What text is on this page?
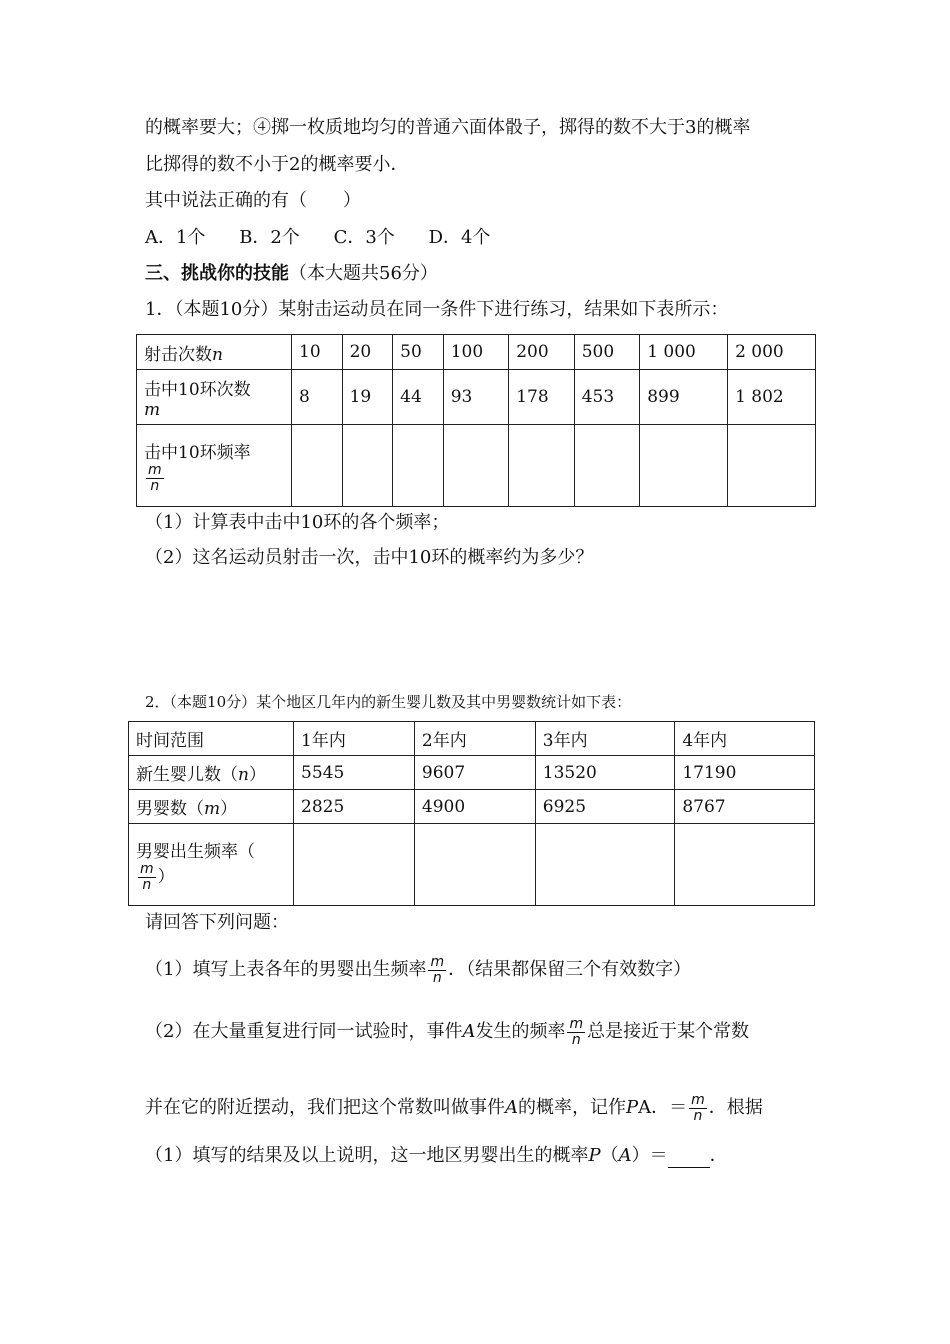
的概率要大；④掷一枚质地均匀的普通六面体骰子，掷得的数不大于3的概率
比掷得的数不小于2的概率要小．
其中说法正确的有（　　）
A．1个 B．2个 C．3个 D．4个
三、挑战你的技能（本大题共56分）
1．（本题10分）某射击运动员在同一条件下进行练习，结果如下表所示：
射击次数n	10	20	50	100	200	500	1 000	2 000
击中10环次数
m	8	19	44	93	178	453	899	1 802
击中10环频率

$\frac{m}{n}$

（1）计算表中击中10环的各个频率；
（2）这名运动员射击一次，击中10环的概率约为多少？
2．（本题10分）某个地区几年内的新生婴儿数及其中男婴数统计如下表：
时间范围	1年内	2年内	3年内	4年内
新生婴儿数（n）	5545	9607	13520	17190
男婴数（m）	2825	4900	6925	8767
男婴出生频率（

$\frac{m}{n}$ ）				
请回答下列问题：
（1）填写上表各年的男婴出生频率 $\frac{m}{n}$ ．（结果都保留三个有效数字）
（2）在大量重复进行同一试验时，事件A发生的频率 $\frac{m}{n}$ 总是接近于某个常数
并在它的附近摆动，我们把这个常数叫做事件A的概率，记作PA．＝ $\frac{m}{n}$ ．根据
（1）填写的结果及以上说明，这一地区男婴出生的概率P（A）＝ ．
